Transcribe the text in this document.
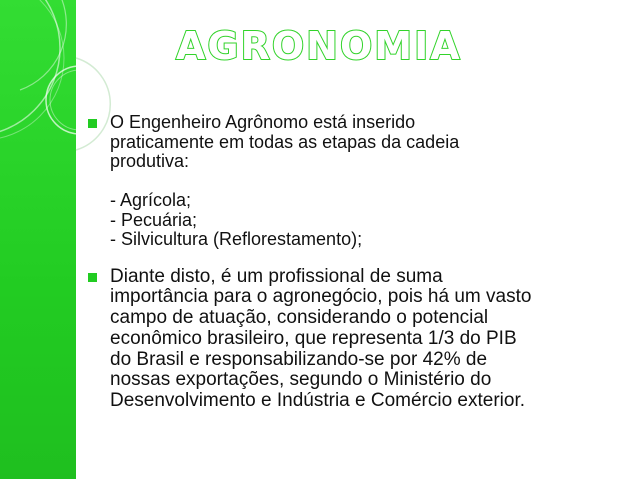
AGRONOMIA
O Engenheiro Agrônomo está inserido
praticamente em todas as etapas da cadeia
produtiva:
- Agrícola;
- Pecuária;
- Silvicultura (Reflorestamento);
Diante disto, é um profissional de suma
importância para o agronegócio, pois há um vasto
campo de atuação, considerando o potencial
econômico brasileiro, que representa 1/3 do PIB
do Brasil e responsabilizando-se por 42% de
nossas exportações, segundo o Ministério do
Desenvolvimento e Indústria e Comércio exterior.
